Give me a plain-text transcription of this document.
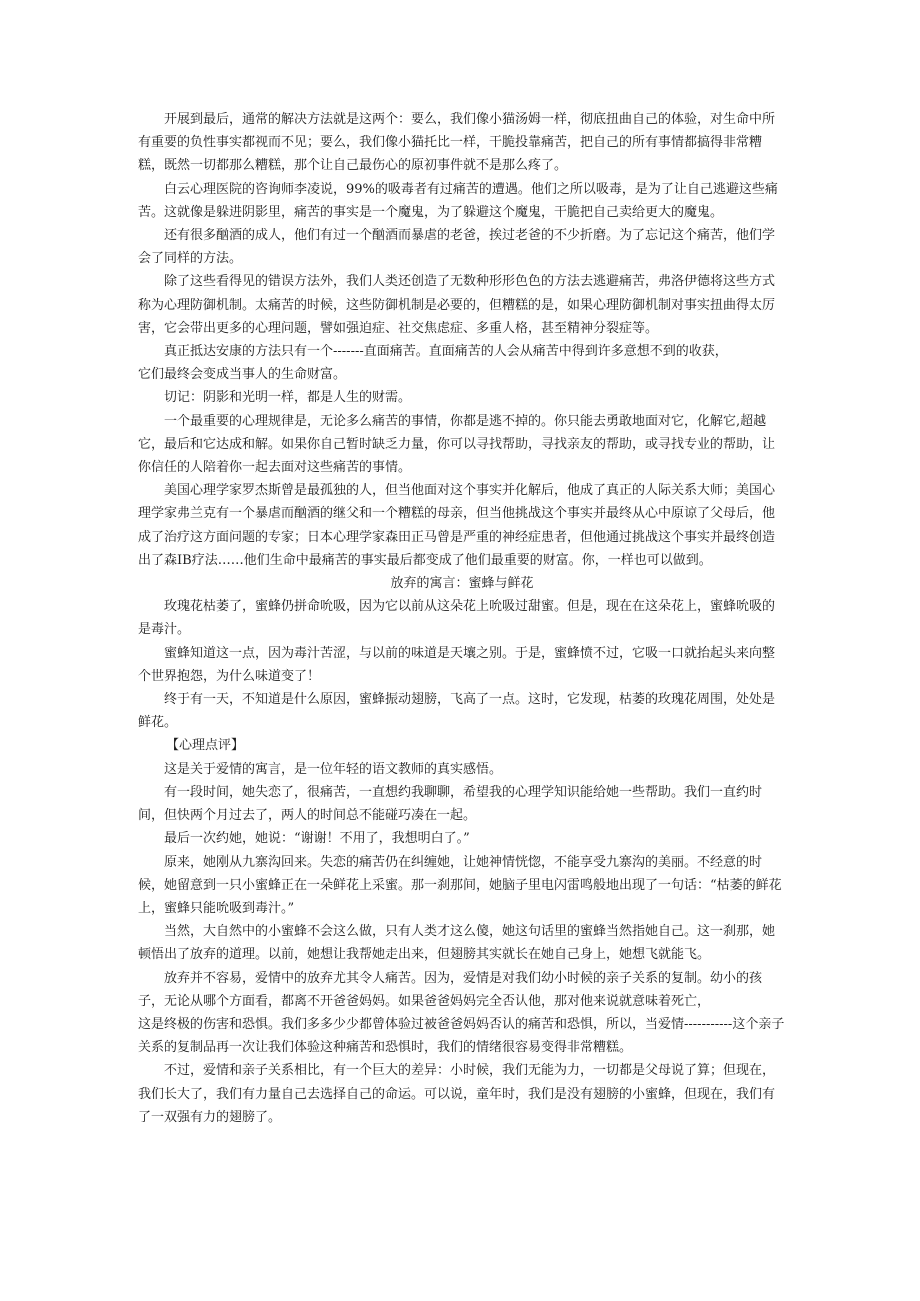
开展到最后，通常的解决方法就是这两个：要么，我们像小猫汤姆一样，彻底扭曲自己的体验，对生命中所有重要的负性事实都视而不见；要么，我们像小猫托比一样，干脆投靠痛苦，把自己的所有事情都搞得非常糟糕，既然一切都那么糟糕，那个让自己最伤心的原初事件就不是那么疼了。

白云心理医院的咨询师李凌说，99%的吸毒者有过痛苦的遭遇。他们之所以吸毒，是为了让自己逃避这些痛苦。这就像是躲进阴影里，痛苦的事实是一个魔鬼，为了躲避这个魔鬼，干脆把自己卖给更大的魔鬼。

还有很多酗酒的成人，他们有过一个酗酒而暴虐的老爸，挨过老爸的不少折磨。为了忘记这个痛苦，他们学会了同样的方法。

除了这些看得见的错误方法外，我们人类还创造了无数种形形色色的方法去逃避痛苦，弗洛伊德将这些方式称为心理防御机制。太痛苦的时候，这些防御机制是必要的，但糟糕的是，如果心理防御机制对事实扭曲得太厉害，它会带出更多的心理问题，譬如强迫症、社交焦虑症、多重人格，甚至精神分裂症等。

真正抵达安康的方法只有一个-------直面痛苦。直面痛苦的人会从痛苦中得到许多意想不到的收获，

它们最终会变成当事人的生命财富。

切记：阴影和光明一样，都是人生的财需。

一个最重要的心理规律是，无论多么痛苦的事情，你都是逃不掉的。你只能去勇敢地面对它，化解它,超越它，最后和它达成和解。如果你自己暂时缺乏力量，你可以寻找帮助，寻找亲友的帮助，或寻找专业的帮助，让你信任的人陪着你一起去面对这些痛苦的事情。

美国心理学家罗杰斯曾是最孤独的人，但当他面对这个事实并化解后，他成了真正的人际关系大师；美国心理学家弗兰克有一个暴虐而酗酒的继父和一个糟糕的母亲，但当他挑战这个事实并最终从心中原谅了父母后，他成了治疗这方面问题的专家；日本心理学家森田正马曾是严重的神经症患者，但他通过挑战这个事实并最终创造出了森IB疗法……他们生命中最痛苦的事实最后都变成了他们最重要的财富。你，一样也可以做到。

放弃的寓言：蜜蜂与鲜花

玫瑰花枯萎了，蜜蜂仍拼命吮吸，因为它以前从这朵花上吮吸过甜蜜。但是，现在在这朵花上，蜜蜂吮吸的是毒汁。

蜜蜂知道这一点，因为毒汁苦涩，与以前的味道是天壤之别。于是，蜜蜂愤不过，它吸一口就抬起头来向整个世界抱怨，为什么味道变了！

终于有一天，不知道是什么原因，蜜蜂振动翅膀，飞高了一点。这时，它发现，枯萎的玫瑰花周围，处处是鲜花。

【心理点评】

这是关于爱情的寓言，是一位年轻的语文教师的真实感悟。

有一段时间，她失恋了，很痛苦，一直想约我聊聊，希望我的心理学知识能给她一些帮助。我们一直约时间，但快两个月过去了，两人的时间总不能碰巧凑在一起。

最后一次约她，她说：“谢谢！不用了，我想明白了。”

原来，她刚从九寨沟回来。失恋的痛苦仍在纠缠她，让她神情恍惚，不能享受九寨沟的美丽。不经意的时候，她留意到一只小蜜蜂正在一朵鲜花上采蜜。那一刹那间，她脑子里电闪雷鸣般地出现了一句话：“枯萎的鲜花上，蜜蜂只能吮吸到毒汁。”

当然，大自然中的小蜜蜂不会这么做，只有人类才这么傻，她这句话里的蜜蜂当然指她自己。这一刹那，她顿悟出了放弃的道理。以前，她想让我帮她走出来，但翅膀其实就长在她自己身上，她想飞就能飞。

放弃并不容易，爱情中的放弃尤其令人痛苦。因为，爱情是对我们幼小时候的亲子关系的复制。幼小的孩子，无论从哪个方面看，都离不开爸爸妈妈。如果爸爸妈妈完全否认他，那对他来说就意味着死亡，

这是终极的伤害和恐惧。我们多多少少都曾体验过被爸爸妈妈否认的痛苦和恐惧，所以，当爱情-----------这个亲子关系的复制品再一次让我们体验这种痛苦和恐惧时，我们的情绪很容易变得非常糟糕。

不过，爱情和亲子关系相比，有一个巨大的差异：小时候，我们无能为力，一切都是父母说了算；但现在，我们长大了，我们有力量自己去选择自己的命运。可以说，童年时，我们是没有翅膀的小蜜蜂，但现在，我们有了一双强有力的翅膀了。
